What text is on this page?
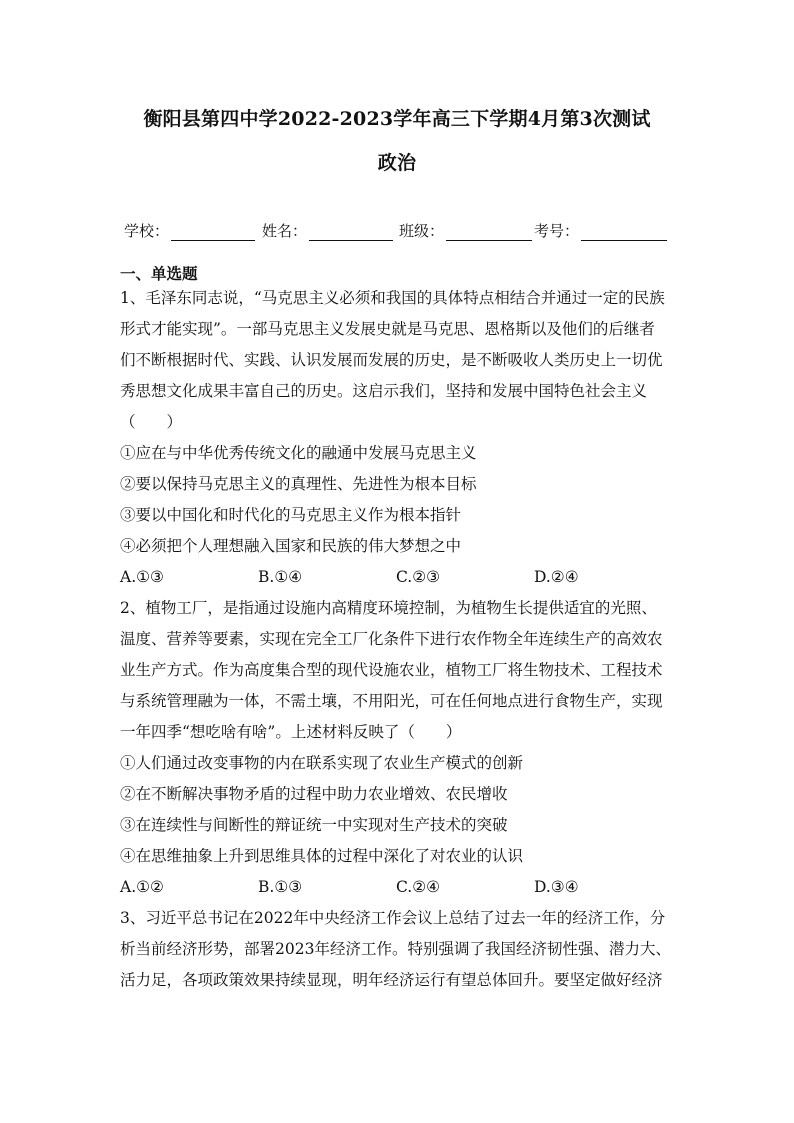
衡阳县第四中学2022-2023学年高三下学期4月第3次测试
政治
学校：	姓名：	班级：	考号：
一、单选题
1、毛泽东同志说，“马克思主义必须和我国的具体特点相结合并通过一定的民族
形式才能实现”。一部马克思主义发展史就是马克思、恩格斯以及他们的后继者
们不断根据时代、实践、认识发展而发展的历史，是不断吸收人类历史上一切优
秀思想文化成果丰富自己的历史。这启示我们，坚持和发展中国特色社会主义
（　　）
①应在与中华优秀传统文化的融通中发展马克思主义
②要以保持马克思主义的真理性、先进性为根本目标
③要以中国化和时代化的马克思主义作为根本指针
④必须把个人理想融入国家和民族的伟大梦想之中
A.①③	B.①④	C.②③	D.②④
2、植物工厂，是指通过设施内高精度环境控制，为植物生长提供适宜的光照、
温度、营养等要素，实现在完全工厂化条件下进行农作物全年连续生产的高效农
业生产方式。作为高度集合型的现代设施农业，植物工厂将生物技术、工程技术
与系统管理融为一体，不需土壤，不用阳光，可在任何地点进行食物生产，实现
一年四季“想吃啥有啥”。上述材料反映了（　　）
①人们通过改变事物的内在联系实现了农业生产模式的创新
②在不断解决事物矛盾的过程中助力农业增效、农民增收
③在连续性与间断性的辩证统一中实现对生产技术的突破
④在思维抽象上升到思维具体的过程中深化了对农业的认识
A.①②	B.①③	C.②④	D.③④
3、习近平总书记在2022年中央经济工作会议上总结了过去一年的经济工作，分
析当前经济形势，部署2023年经济工作。特别强调了我国经济韧性强、潜力大、
活力足，各项政策效果持续显现，明年经济运行有望总体回升。要坚定做好经济
